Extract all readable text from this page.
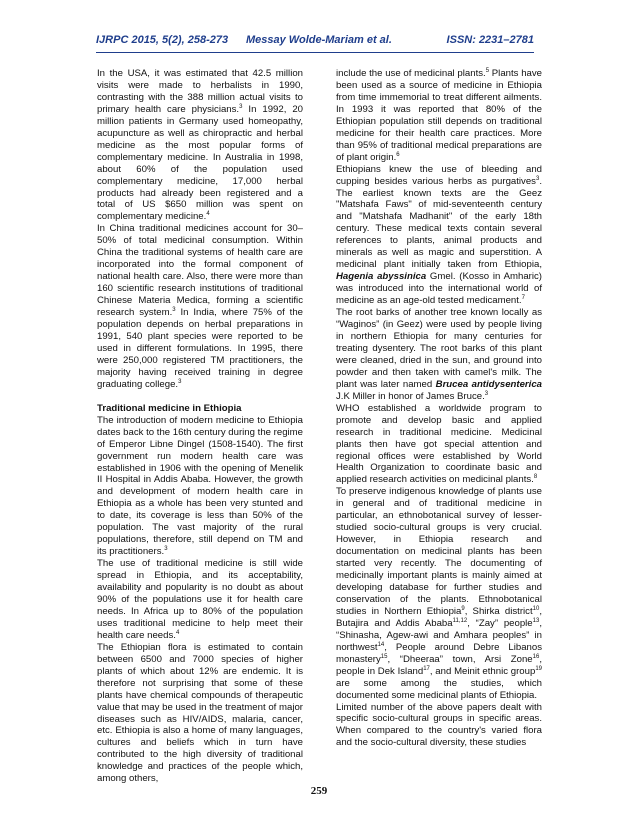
IJRPC 2015, 5(2), 258-273 Messay Wolde-Mariam et al.	ISSN: 2231–2781

In the USA, it was estimated that 42.5 million visits were made to herbalists in 1990, contrasting with the 388 million actual visits to primary health care physicians.$^3$ In 1992, 20 million patients in Germany used homeopathy, acupuncture as well as chiropractic and herbal medicine as the most popular forms of complementary medicine. In Australia in 1998, about 60% of the population used complementary medicine, 17,000 herbal products had already been registered and a total of US $650 million was spent on complementary medicine.$^4$

In China traditional medicines account for 30–50% of total medicinal consumption. Within China the traditional systems of health care are incorporated into the formal component of national health care. Also, there were more than 160 scientific research institutions of traditional Chinese Materia Medica, forming a scientific research system.$^3$ In India, where 75% of the population depends on herbal preparations in 1991, 540 plant species were reported to be used in different formulations. In 1995, there were 250,000 registered TM practitioners, the majority having received training in degree graduating college.$^3$

Traditional medicine in Ethiopia

The introduction of modern medicine to Ethiopia dates back to the 16th century during the regime of Emperor Libne Dingel (1508-1540). The first government run modern health care was established in 1906 with the opening of Menelik II Hospital in Addis Ababa. However, the growth and development of modern health care in Ethiopia as a whole has been very stunted and to date, its coverage is less than 50% of the population. The vast majority of the rural populations, therefore, still depend on TM and its practitioners.$^3$

The use of traditional medicine is still wide spread in Ethiopia, and its acceptability, availability and popularity is no doubt as about 90% of the populations use it for health care needs. In Africa up to 80% of the population uses traditional medicine to help meet their health care needs.$^4$

The Ethiopian flora is estimated to contain between 6500 and 7000 species of higher plants of which about 12% are endemic. It is therefore not surprising that some of these plants have chemical compounds of therapeutic value that may be used in the treatment of major diseases such as HIV/AIDS, malaria, cancer, etc. Ethiopia is also a home of many languages, cultures and beliefs which in turn have contributed to the high diversity of traditional knowledge and practices of the people which, among others,

include the use of medicinal plants.$^5$ Plants have been used as a source of medicine in Ethiopia from time immemorial to treat different ailments. In 1993 it was reported that 80% of the Ethiopian population still depends on traditional medicine for their health care practices. More than 95% of traditional medical preparations are of plant origin.$^6$

Ethiopians knew the use of bleeding and cupping besides various herbs as purgatives$^3$. The earliest known texts are the Geez "Matshafa Faws" of mid-seventeenth century and "Matshafa Madhanit" of the early 18th century. These medical texts contain several references to plants, animal products and minerals as well as magic and superstition. A medicinal plant initially taken from Ethiopia, Hagenia abyssinica Gmel. (Kosso in Amharic) was introduced into the international world of medicine as an age-old tested medicament.$^7$

The root barks of another tree known locally as “Waginos” (in Geez) were used by people living in northern Ethiopia for many centuries for treating dysentery. The root barks of this plant were cleaned, dried in the sun, and ground into powder and then taken with camel's milk. The plant was later named Brucea antidysenterica J.K Miller in honor of James Bruce.$^3$

WHO established a worldwide program to promote and develop basic and applied research in traditional medicine. Medicinal plants then have got special attention and regional offices were established by World Health Organization to coordinate basic and applied research activities on medicinal plants.$^8$

To preserve indigenous knowledge of plants use in general and of traditional medicine in particular, an ethnobotanical survey of lesser-studied socio-cultural groups is very crucial. However, in Ethiopia research and documentation on medicinal plants has been started very recently. The documenting of medicinally important plants is mainly aimed at developing database for further studies and conservation of the plants. Ethnobotanical studies in Northern Ethiopia$^9$, Shirka district$^{10}$, Butajira and Addis Ababa$^{11,12}$, “Zay” people$^{13}$, “Shinasha, Agew-awi and Amhara peoples” in northwest$^{14}$, People around Debre Libanos monastery$^{15}$, “Dheeraa” town, Arsi Zone$^{16}$, people in Dek Island$^{17}$, and Meinit ethnic group$^{19}$ are some among the studies, which documented some medicinal plants of Ethiopia.

Limited number of the above papers dealt with specific socio-cultural groups in specific areas. When compared to the country's varied flora and the socio-cultural diversity, these studies

259
